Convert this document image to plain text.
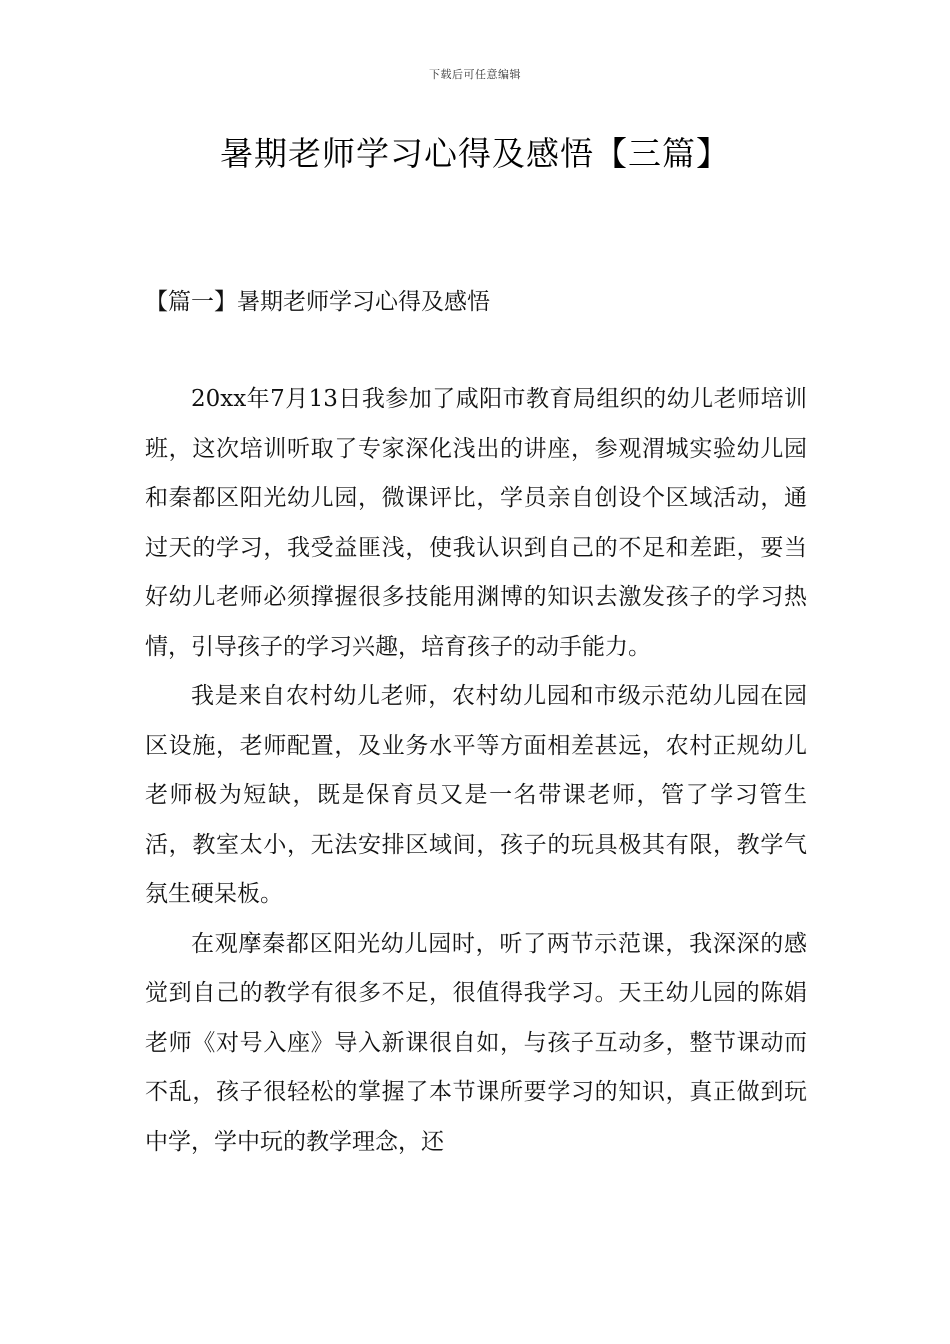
下载后可任意编辑
暑期老师学习心得及感悟【三篇】
【篇一】暑期老师学习心得及感悟

20xx年7月13日我参加了咸阳市教育局组织的幼儿老师培训班，这次培训听取了专家深化浅出的讲座，参观渭城实验幼儿园和秦都区阳光幼儿园，微课评比，学员亲自创设个区域活动，通过天的学习，我受益匪浅，使我认识到自己的不足和差距，要当好幼儿老师必须撑握很多技能用渊博的知识去激发孩子的学习热情，引导孩子的学习兴趣，培育孩子的动手能力。

我是来自农村幼儿老师，农村幼儿园和市级示范幼儿园在园区设施，老师配置，及业务水平等方面相差甚远，农村正规幼儿老师极为短缺，既是保育员又是一名带课老师，管了学习管生活，教室太小，无法安排区域间，孩子的玩具极其有限，教学气氛生硬呆板。

在观摩秦都区阳光幼儿园时，听了两节示范课，我深深的感觉到自己的教学有很多不足，很值得我学习。天王幼儿园的陈娟老师《对号入座》导入新课很自如，与孩子互动多，整节课动而不乱，孩子很轻松的掌握了本节课所要学习的知识，真正做到玩中学，学中玩的教学理念，还
